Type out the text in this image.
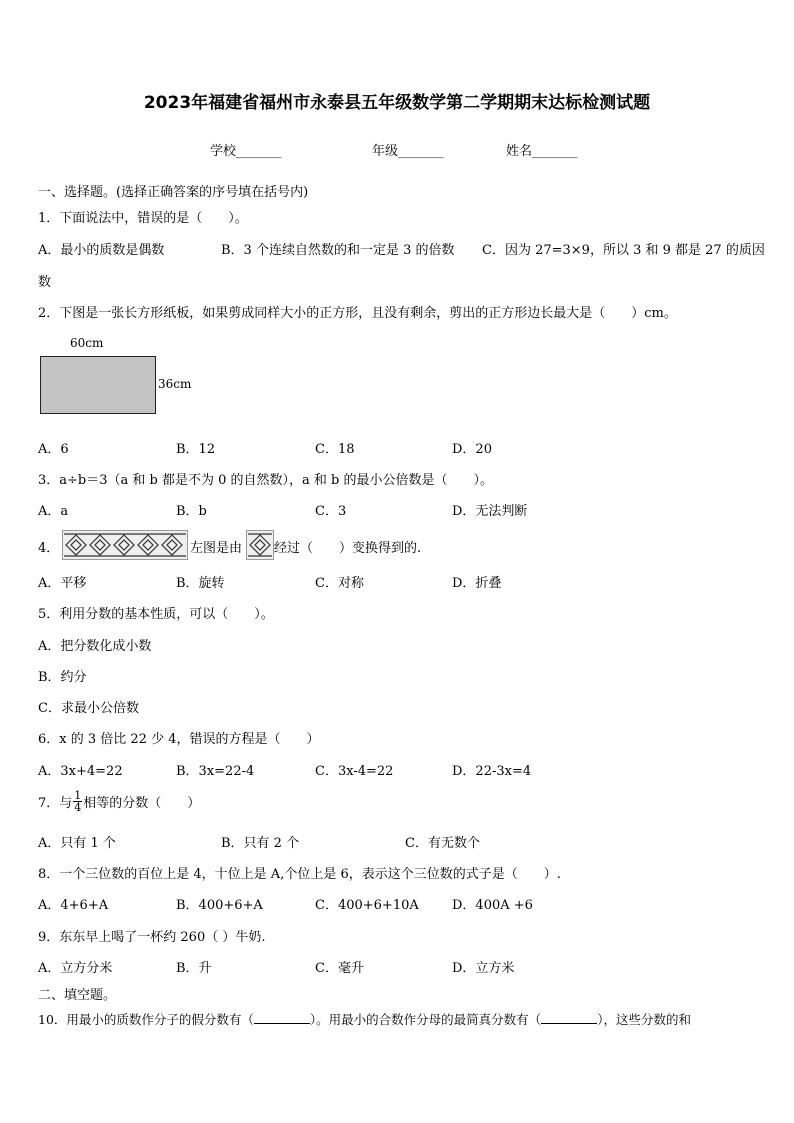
2023年福建省福州市永泰县五年级数学第二学期期末达标检测试题
学校_______	年级_______	姓名_______
一、选择题。(选择正确答案的序号填在括号内)
1．下面说法中，错误的是（　　）。
A．最小的质数是偶数	B．3 个连续自然数的和一定是 3 的倍数 C．因为 27=3×9，所以 3 和 9 都是 27 的质因
数
2．下图是一张长方形纸板，如果剪成同样大小的正方形，且没有剩余，剪出的正方形边长最大是（　　）cm。
60cm
36cm
A．6	B．12	C．18	D．20
3．a÷b＝3（a 和 b 都是不为 0 的自然数），a 和 b 的最小公倍数是（　　）。
A．a	B．b	C．3	D．无法判断
4．	左图是由 经过（　　）变换得到的.
A．平移	B．旋转	C．对称	D．折叠
5．利用分数的基本性质，可以（　　）。
A．把分数化成小数
B．约分
C．求最小公倍数
6．x 的 3 倍比 22 少 4，错误的方程是（　　）
A．3x+4=22	B．3x=22-4	C．3x-4=22	D．22-3x=4
7．与 $\frac{1}{4}$ 相等的分数（　　）
A．只有 1 个	B．只有 2 个	C．有无数个
8．一个三位数的百位上是 4，十位上是 A,个位上是 6，表示这个三位数的式子是（　　）.
A．4+6+A	B．400+6+A	C．400+6+10A	D．400A +6
9．东东早上喝了一杯约 260（ ）牛奶.
A．立方分米	B．升	C．毫升	D．立方米
二、填空题。
10．用最小的质数作分子的假分数有（	）。用最小的合数作分母的最简真分数有（	），这些分数的和
